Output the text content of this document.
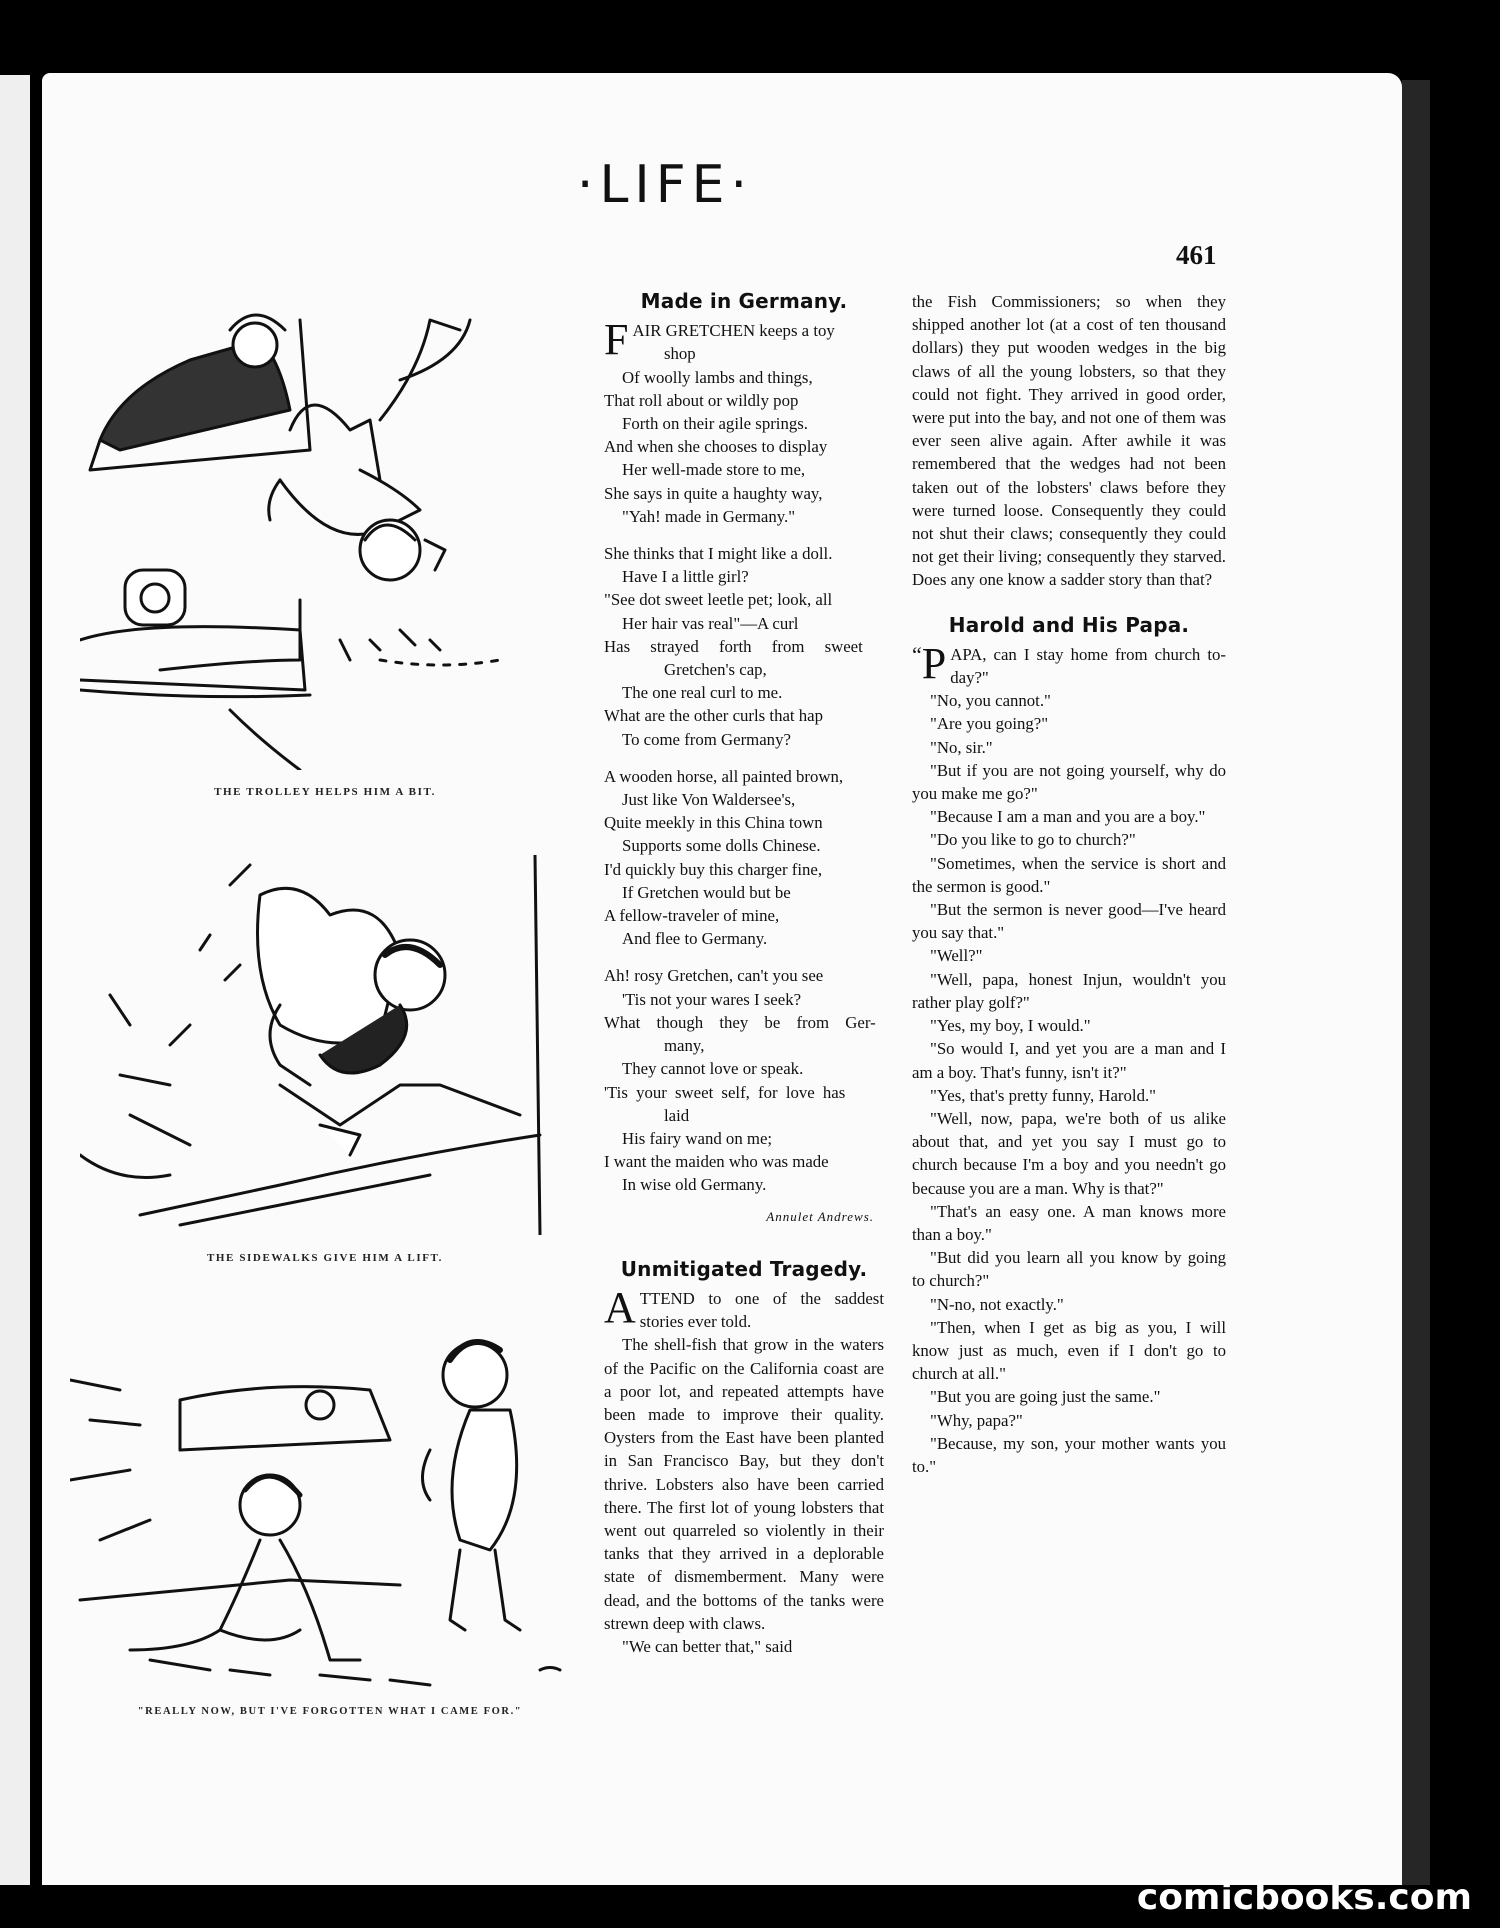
·LIFE·
461
THE TROLLEY HELPS HIM A BIT.
THE SIDEWALKS GIVE HIM A LIFT.
"REALLY NOW, BUT I'VE FORGOTTEN WHAT I CAME FOR."
Made in Germany.
F AIR GRETCHEN keeps a toy
shop
Of woolly lambs and things,
That roll about or wildly pop
Forth on their agile springs.
And when she chooses to display
Her well-made store to me,
She says in quite a haughty way,
"Yah! made in Germany."
She thinks that I might like a doll.
Have I a little girl?
"See dot sweet leetle pet; look, all
Her hair vas real"—A curl
Has strayed forth from sweet
Gretchen's cap,
The one real curl to me.
What are the other curls that hap
To come from Germany?
A wooden horse, all painted brown,
Just like Von Waldersee's,
Quite meekly in this China town
Supports some dolls Chinese.
I'd quickly buy this charger fine,
If Gretchen would but be
A fellow-traveler of mine,
And flee to Germany.
Ah! rosy Gretchen, can't you see
'Tis not your wares I seek?
What though they be from Ger-
many,
They cannot love or speak.
'Tis your sweet self, for love has
laid
His fairy wand on me;
I want the maiden who was made
In wise old Germany.
Annulet Andrews.
Unmitigated Tragedy.

ATTEND to one of the saddest stories ever told.

The shell-fish that grow in the waters of the Pacific on the California coast are a poor lot, and repeated attempts have been made to improve their quality. Oysters from the East have been planted in San Francisco Bay, but they don't thrive. Lobsters also have been carried there. The first lot of young lobsters that went out quarreled so violently in their tanks that they arrived in a deplorable state of dismemberment. Many were dead, and the bottoms of the tanks were strewn deep with claws.

"We can better that," said

the Fish Commissioners; so when they shipped another lot (at a cost of ten thousand dollars) they put wooden wedges in the big claws of all the young lobsters, so that they could not fight. They arrived in good order, were put into the bay, and not one of them was ever seen alive again. After awhile it was remembered that the wedges had not been taken out of the lobsters' claws before they were turned loose. Consequently they could not shut their claws; consequently they could not get their living; consequently they starved. Does any one know a sadder story than that?

Harold and His Papa.

“ P APA, can I stay home from church to-day?"

"No, you cannot."

"Are you going?"

"No, sir."

"But if you are not going yourself, why do you make me go?"

"Because I am a man and you are a boy."

"Do you like to go to church?"

"Sometimes, when the service is short and the sermon is good."

"But the sermon is never good—I've heard you say that."

"Well?"

"Well, papa, honest Injun, wouldn't you rather play golf?"

"Yes, my boy, I would."

"So would I, and yet you are a man and I am a boy. That's funny, isn't it?"

"Yes, that's pretty funny, Harold."

"Well, now, papa, we're both of us alike about that, and yet you say I must go to church because I'm a boy and you needn't go because you are a man. Why is that?"

"That's an easy one. A man knows more than a boy."

"But did you learn all you know by going to church?"

"N-no, not exactly."

"Then, when I get as big as you, I will know just as much, even if I don't go to church at all."

"But you are going just the same."

"Why, papa?"

"Because, my son, your mother wants you to."

comicbooks.com
